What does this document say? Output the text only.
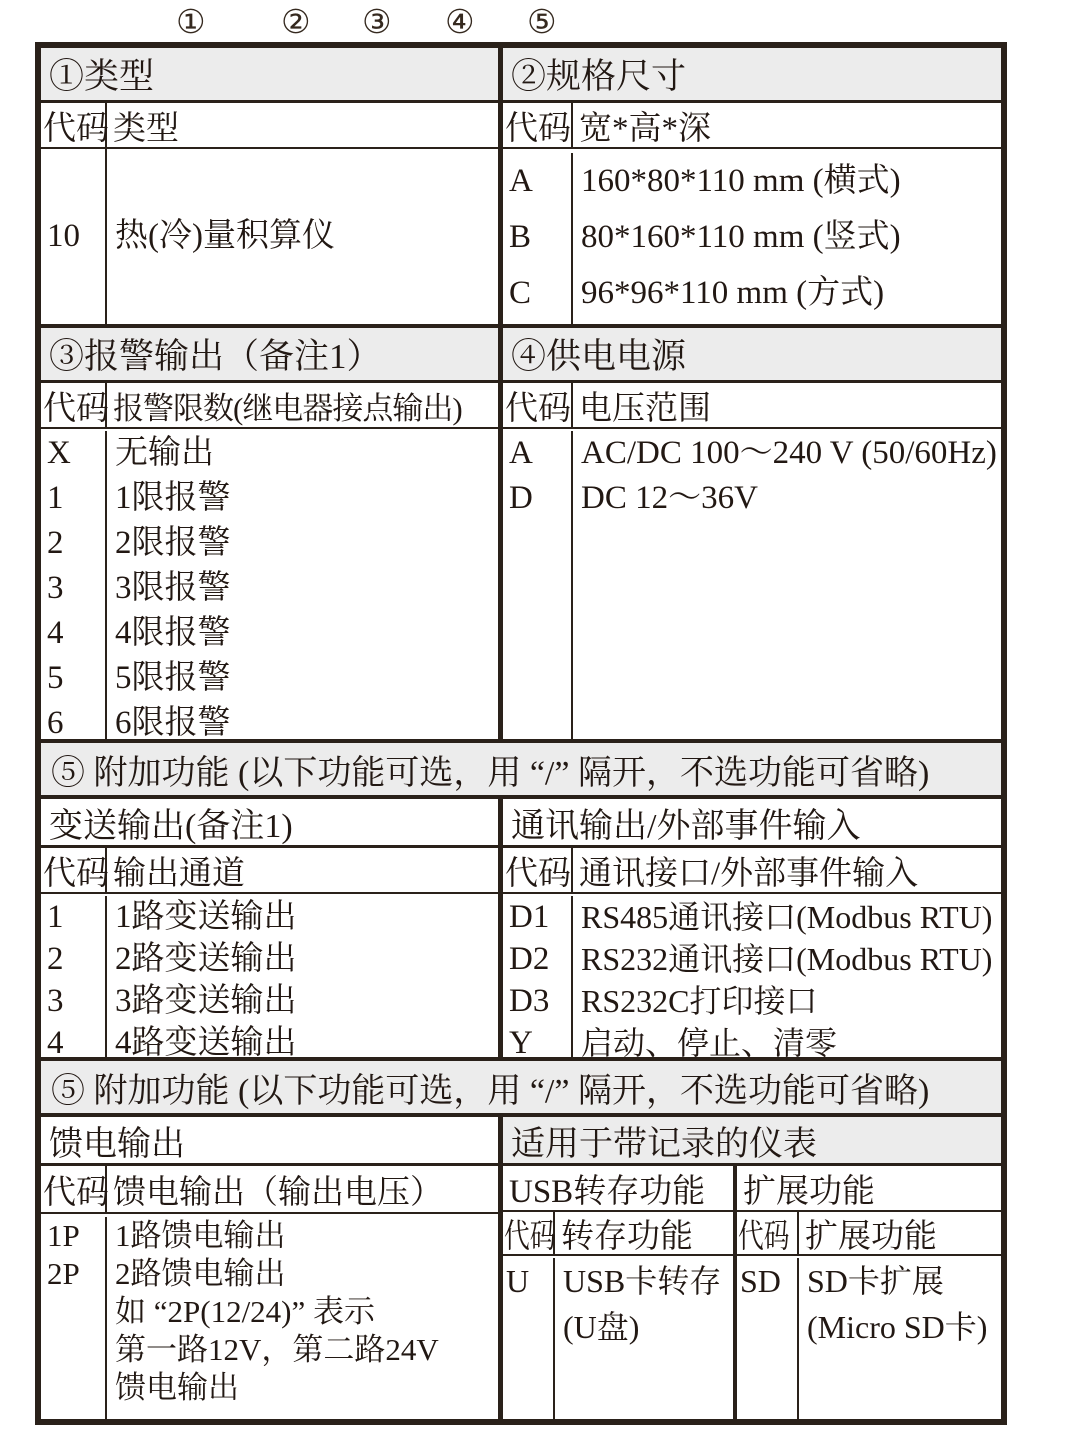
① ② ③ ④ ⑤
①类型
代码 类型
10	热(冷)量积算仪
②规格尺寸
代码 宽*高*深
A
B
C
160*80*110 mm (横式)
80*160*110 mm (竖式)
96*96*110 mm (方式)
③报警输出（备注1）
代码 报警限数(继电器接点输出)
X
1
2
3
4
5
6
无输出
1限报警
2限报警
3限报警
4限报警
5限报警
6限报警
④供电电源
代码 电压范围
A
D
AC/DC 100～240 V (50/60Hz)
DC 12～36V
⑤ 附加功能 (以下功能可选，用 “/” 隔开，不选功能可省略)
变送输出(备注1)
代码 输出通道
1
2
3
4
1路变送输出
2路变送输出
3路变送输出
4路变送输出
通讯输出/外部事件输入
代码 通讯接口/外部事件输入
D1
D2
D3
Y
RS485通讯接口(Modbus RTU)
RS232通讯接口(Modbus RTU)
RS232C打印接口
启动、停止、清零
⑤ 附加功能 (以下功能可选，用 “/” 隔开，不选功能可省略)
馈电输出
代码 馈电输出（输出电压）
1P
2P
1路馈电输出
2路馈电输出
如 “2P(12/24)” 表示
第一路12V，第二路24V
馈电输出
适用于带记录的仪表
USB转存功能
代码 转存功能
U	USB卡转存
(U盘)
扩展功能
代码 扩展功能
SD SD卡扩展
(Micro SD卡)
